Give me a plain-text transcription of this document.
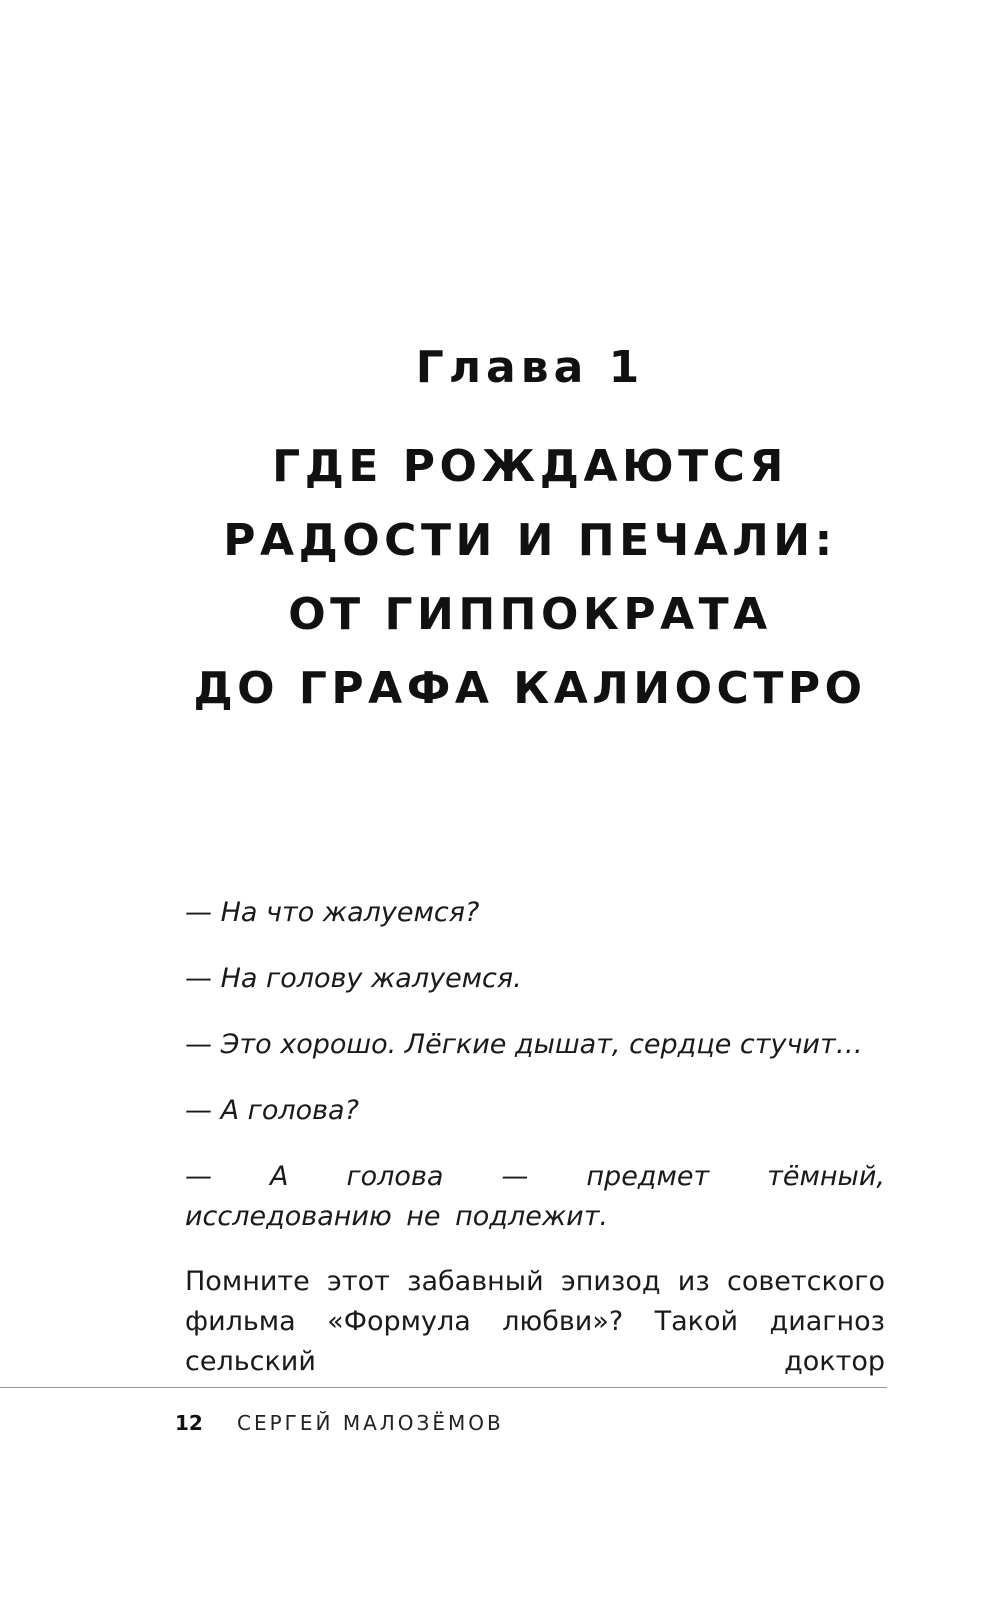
Глава 1
ГДЕ РОЖДАЮТСЯ
РАДОСТИ И ПЕЧАЛИ:
ОТ ГИППОКРАТА
ДО ГРАФА КАЛИОСТРО
— На что жалуемся?
— На голову жалуемся.
— Это хорошо. Лёгкие дышат, сердце стучит…
— А голова?
— А голова — предмет тёмный, исследованию не подлежит.
Помните этот забавный эпизод из советского фильма «Формула любви»? Такой диагноз сельский доктор
12 СЕРГЕЙ МАЛОЗЁМОВ
